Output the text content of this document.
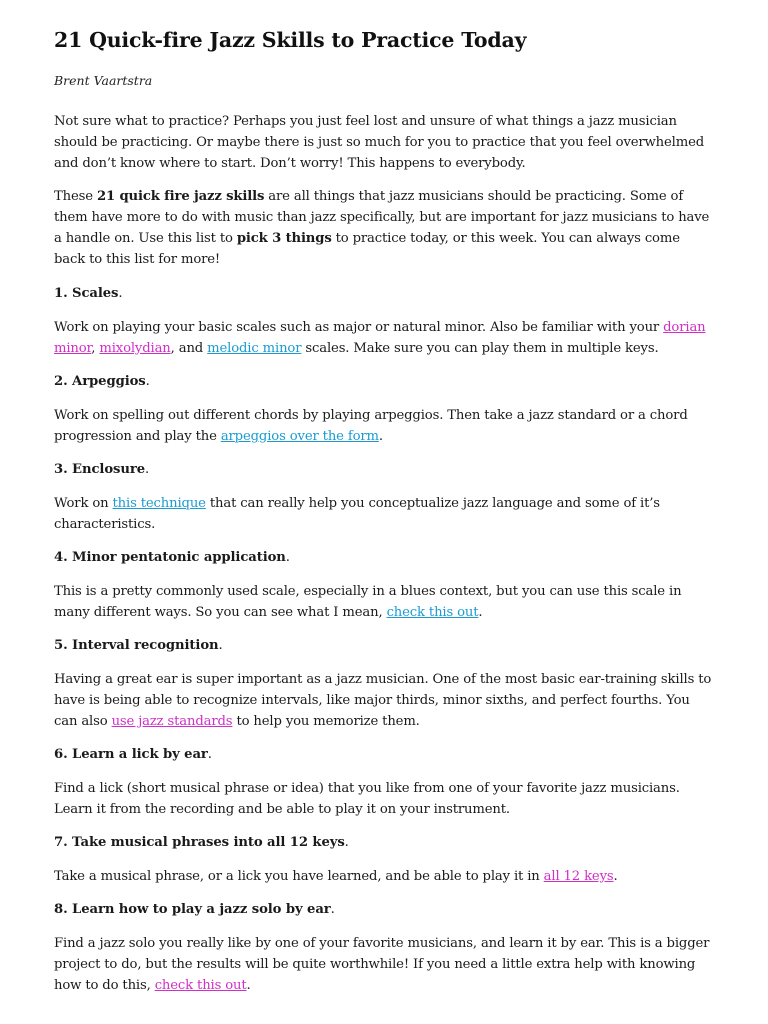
21 Quick-fire Jazz Skills to Practice Today
Brent Vaartstra

Not sure what to practice? Perhaps you just feel lost and unsure of what things a jazz musician should be practicing. Or maybe there is just so much for you to practice that you feel overwhelmed and don’t know where to start. Don’t worry! This happens to everybody.

These 21 quick fire jazz skills are all things that jazz musicians should be practicing. Some of them have more to do with music than jazz specifically, but are important for jazz musicians to have a handle on. Use this list to pick 3 things to practice today, or this week. You can always come back to this list for more!

1. Scales.

Work on playing your basic scales such as major or natural minor. Also be familiar with your dorian minor, mixolydian, and melodic minor scales. Make sure you can play them in multiple keys.

2. Arpeggios.

Work on spelling out different chords by playing arpeggios. Then take a jazz standard or a chord progression and play the arpeggios over the form.

3. Enclosure.

Work on this technique that can really help you conceptualize jazz language and some of it’s characteristics.

4. Minor pentatonic application.

This is a pretty commonly used scale, especially in a blues context, but you can use this scale in many different ways. So you can see what I mean, check this out.

5. Interval recognition.

Having a great ear is super important as a jazz musician. One of the most basic ear-training skills to have is being able to recognize intervals, like major thirds, minor sixths, and perfect fourths. You can also use jazz standards to help you memorize them.

6. Learn a lick by ear.

Find a lick (short musical phrase or idea) that you like from one of your favorite jazz musicians. Learn it from the recording and be able to play it on your instrument.

7. Take musical phrases into all 12 keys.

Take a musical phrase, or a lick you have learned, and be able to play it in all 12 keys.

8. Learn how to play a jazz solo by ear.

Find a jazz solo you really like by one of your favorite musicians, and learn it by ear. This is a bigger project to do, but the results will be quite worthwhile! If you need a little extra help with knowing how to do this, check this out.
